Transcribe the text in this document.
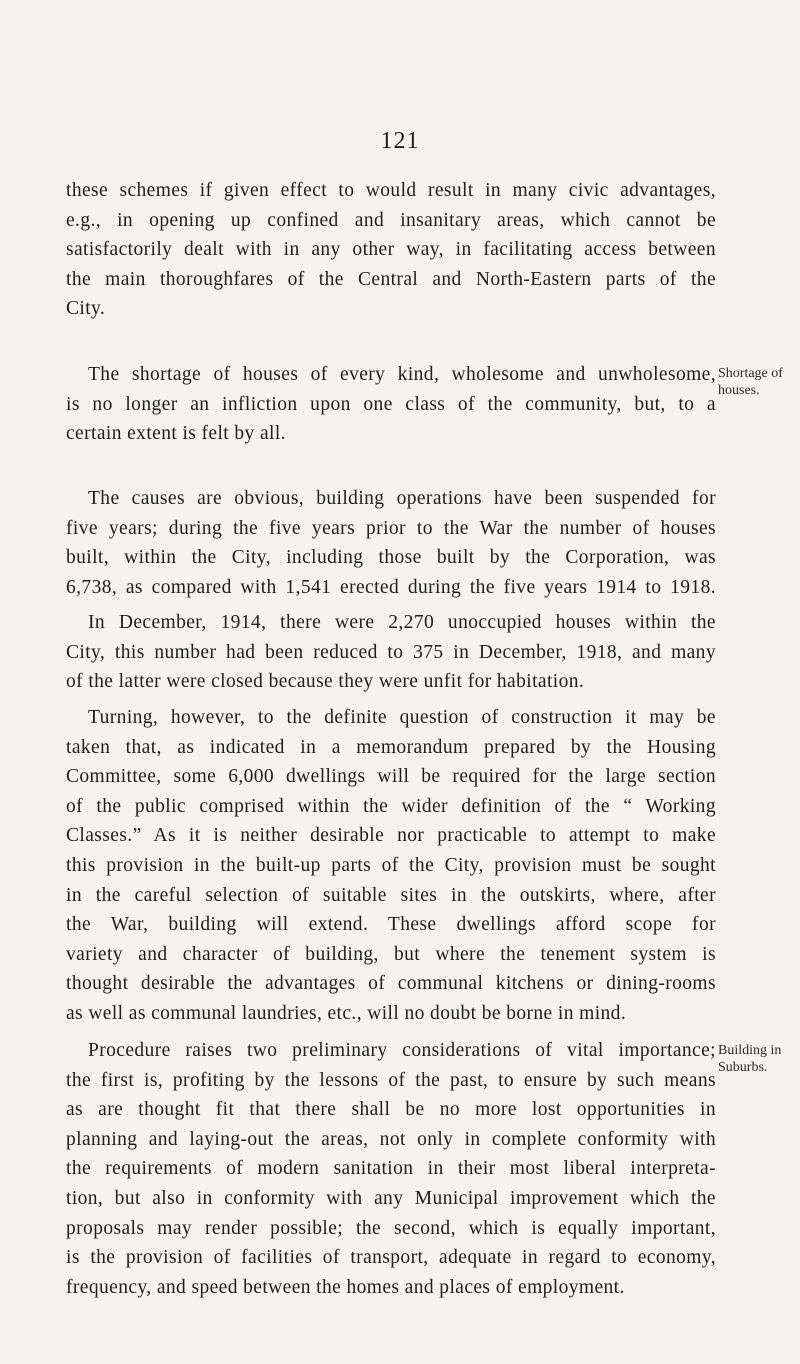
121
these schemes if given effect to would result in many civic advantages,
e.g., in opening up confined and insanitary areas, which cannot be
satisfactorily dealt with in any other way, in facilitating access between
the main thoroughfares of the Central and North-Eastern parts of the
City.
The shortage of houses of every kind, wholesome and unwholesome,
is no longer an infliction upon one class of the community, but, to a
certain extent is felt by all.
The causes are obvious, building operations have been suspended for
five years; during the five years prior to the War the number of houses
built, within the City, including those built by the Corporation, was
6,738, as compared with 1,541 erected during the five years 1914 to 1918.
In December, 1914, there were 2,270 unoccupied houses within the
City, this number had been reduced to 375 in December, 1918, and many
of the latter were closed because they were unfit for habitation.
Turning, however, to the definite question of construction it may be
taken that, as indicated in a memorandum prepared by the Housing
Committee, some 6,000 dwellings will be required for the large section
of the public comprised within the wider definition of the “ Working
Classes.” As it is neither desirable nor practicable to attempt to make
this provision in the built-up parts of the City, provision must be sought
in the careful selection of suitable sites in the outskirts, where, after
the War, building will extend. These dwellings afford scope for
variety and character of building, but where the tenement system is
thought desirable the advantages of communal kitchens or dining-rooms
as well as communal laundries, etc., will no doubt be borne in mind.
Procedure raises two preliminary considerations of vital importance;
the first is, profiting by the lessons of the past, to ensure by such means
as are thought fit that there shall be no more lost opportunities in
planning and laying-out the areas, not only in complete conformity with
the requirements of modern sanitation in their most liberal interpreta-
tion, but also in conformity with any Municipal improvement which the
proposals may render possible; the second, which is equally important,
is the provision of facilities of transport, adequate in regard to economy,
frequency, and speed between the homes and places of employment.
Shortage of
houses.
Building in
Suburbs.
